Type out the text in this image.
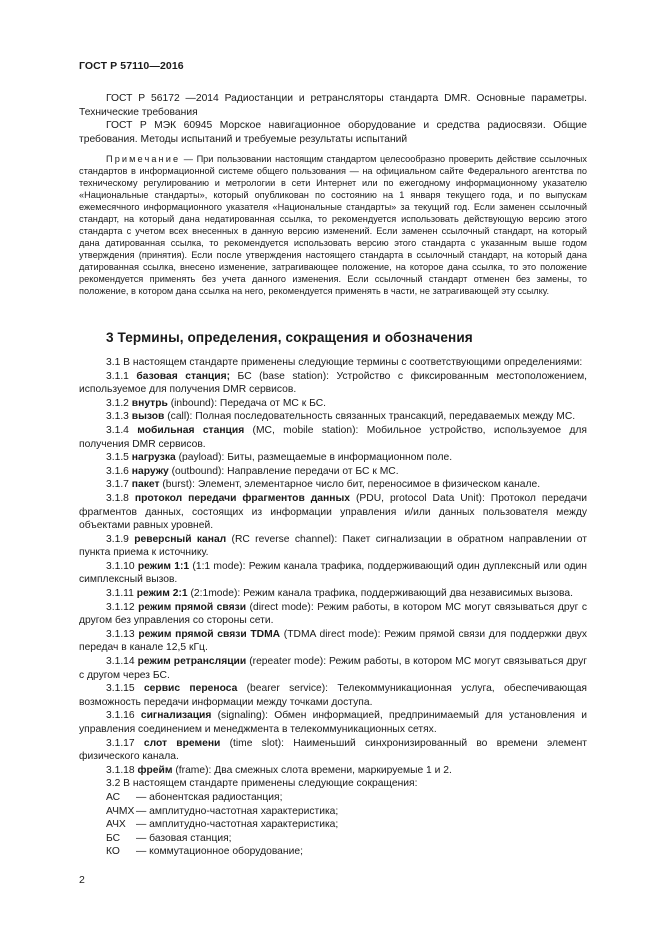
ГОСТ Р 57110—2016

ГОСТ Р 56172 —2014 Радиостанции и ретрансляторы стандарта DMR. Основные параметры. Технические требования

ГОСТ Р МЭК 60945 Морское навигационное оборудование и средства радиосвязи. Общие требования. Методы испытаний и требуемые результаты испытаний

Примечание — При пользовании настоящим стандартом целесообразно проверить действие ссылочных стандартов в информационной системе общего пользования — на официальном сайте Федерального агентства по техническому регулированию и метрологии в сети Интернет или по ежегодному информационному указателю «Национальные стандарты», который опубликован по состоянию на 1 января текущего года, и по выпускам ежемесячного информационного указателя «Национальные стандарты» за текущий год. Если заменен ссылочный стандарт, на который дана недатированная ссылка, то рекомендуется использовать действующую версию этого стандарта с учетом всех внесенных в данную версию изменений. Если заменен ссылочный стандарт, на который дана датированная ссылка, то рекомендуется использовать версию этого стандарта с указанным выше годом утверждения (принятия). Если после утверждения настоящего стандарта в ссылочный стандарт, на который дана датированная ссылка, внесено изменение, затрагивающее положение, на которое дана ссылка, то это положение рекомендуется применять без учета данного изменения. Если ссылочный стандарт отменен без замены, то положение, в котором дана ссылка на него, рекомендуется применять в части, не затрагивающей эту ссылку.

3 Термины, определения, сокращения и обозначения

3.1 В настоящем стандарте применены следующие термины с соответствующими определениями:

3.1.1 базовая станция; БС (base station): Устройство с фиксированным местоположением, используемое для получения DMR сервисов.

3.1.2 внутрь (inbound): Передача от МС к БС.

3.1.3 вызов (call): Полная последовательность связанных трансакций, передаваемых между МС.

3.1.4 мобильная станция (МС, mobile station): Мобильное устройство, используемое для получения DMR сервисов.

3.1.5 нагрузка (payload): Биты, размещаемые в информационном поле.

3.1.6 наружу (outbound): Направление передачи от БС к МС.

3.1.7 пакет (burst): Элемент, элементарное число бит, переносимое в физическом канале.

3.1.8 протокол передачи фрагментов данных (PDU, protocol Data Unit): Протокол передачи фрагментов данных, состоящих из информации управления и/или данных пользователя между объектами равных уровней.

3.1.9 реверсный канал (RC reverse channel): Пакет сигнализации в обратном направлении от пункта приема к источнику.

3.1.10 режим 1:1 (1:1 mode): Режим канала трафика, поддерживающий один дуплексный или один симплексный вызов.

3.1.11 режим 2:1 (2:1mode): Режим канала трафика, поддерживающий два независимых вызова.

3.1.12 режим прямой связи (direct mode): Режим работы, в котором МС могут связываться друг с другом без управления со стороны сети.

3.1.13 режим прямой связи TDMA (TDMA direct mode): Режим прямой связи для поддержки двух передач в канале 12,5 кГц.

3.1.14 режим ретрансляции (repeater mode): Режим работы, в котором МС могут связываться друг с другом через БС.

3.1.15 сервис переноса (bearer service): Телекоммуникационная услуга, обеспечивающая возможность передачи информации между точками доступа.

3.1.16 сигнализация (signaling): Обмен информацией, предпринимаемый для установления и управления соединением и менеджмента в телекоммуникационных сетях.

3.1.17 слот времени (time slot): Наименьший синхронизированный во времени элемент физического канала.

3.1.18 фрейм (frame): Два смежных слота времени, маркируемые 1 и 2.

3.2 В настоящем стандарте применены следующие сокращения:

АС	— абонентская радиостанция;
АЧМХ — амплитудно-частотная характеристика;
АЧХ — амплитудно-частотная характеристика;
БС	— базовая станция;
КО	— коммутационное оборудование;
2
